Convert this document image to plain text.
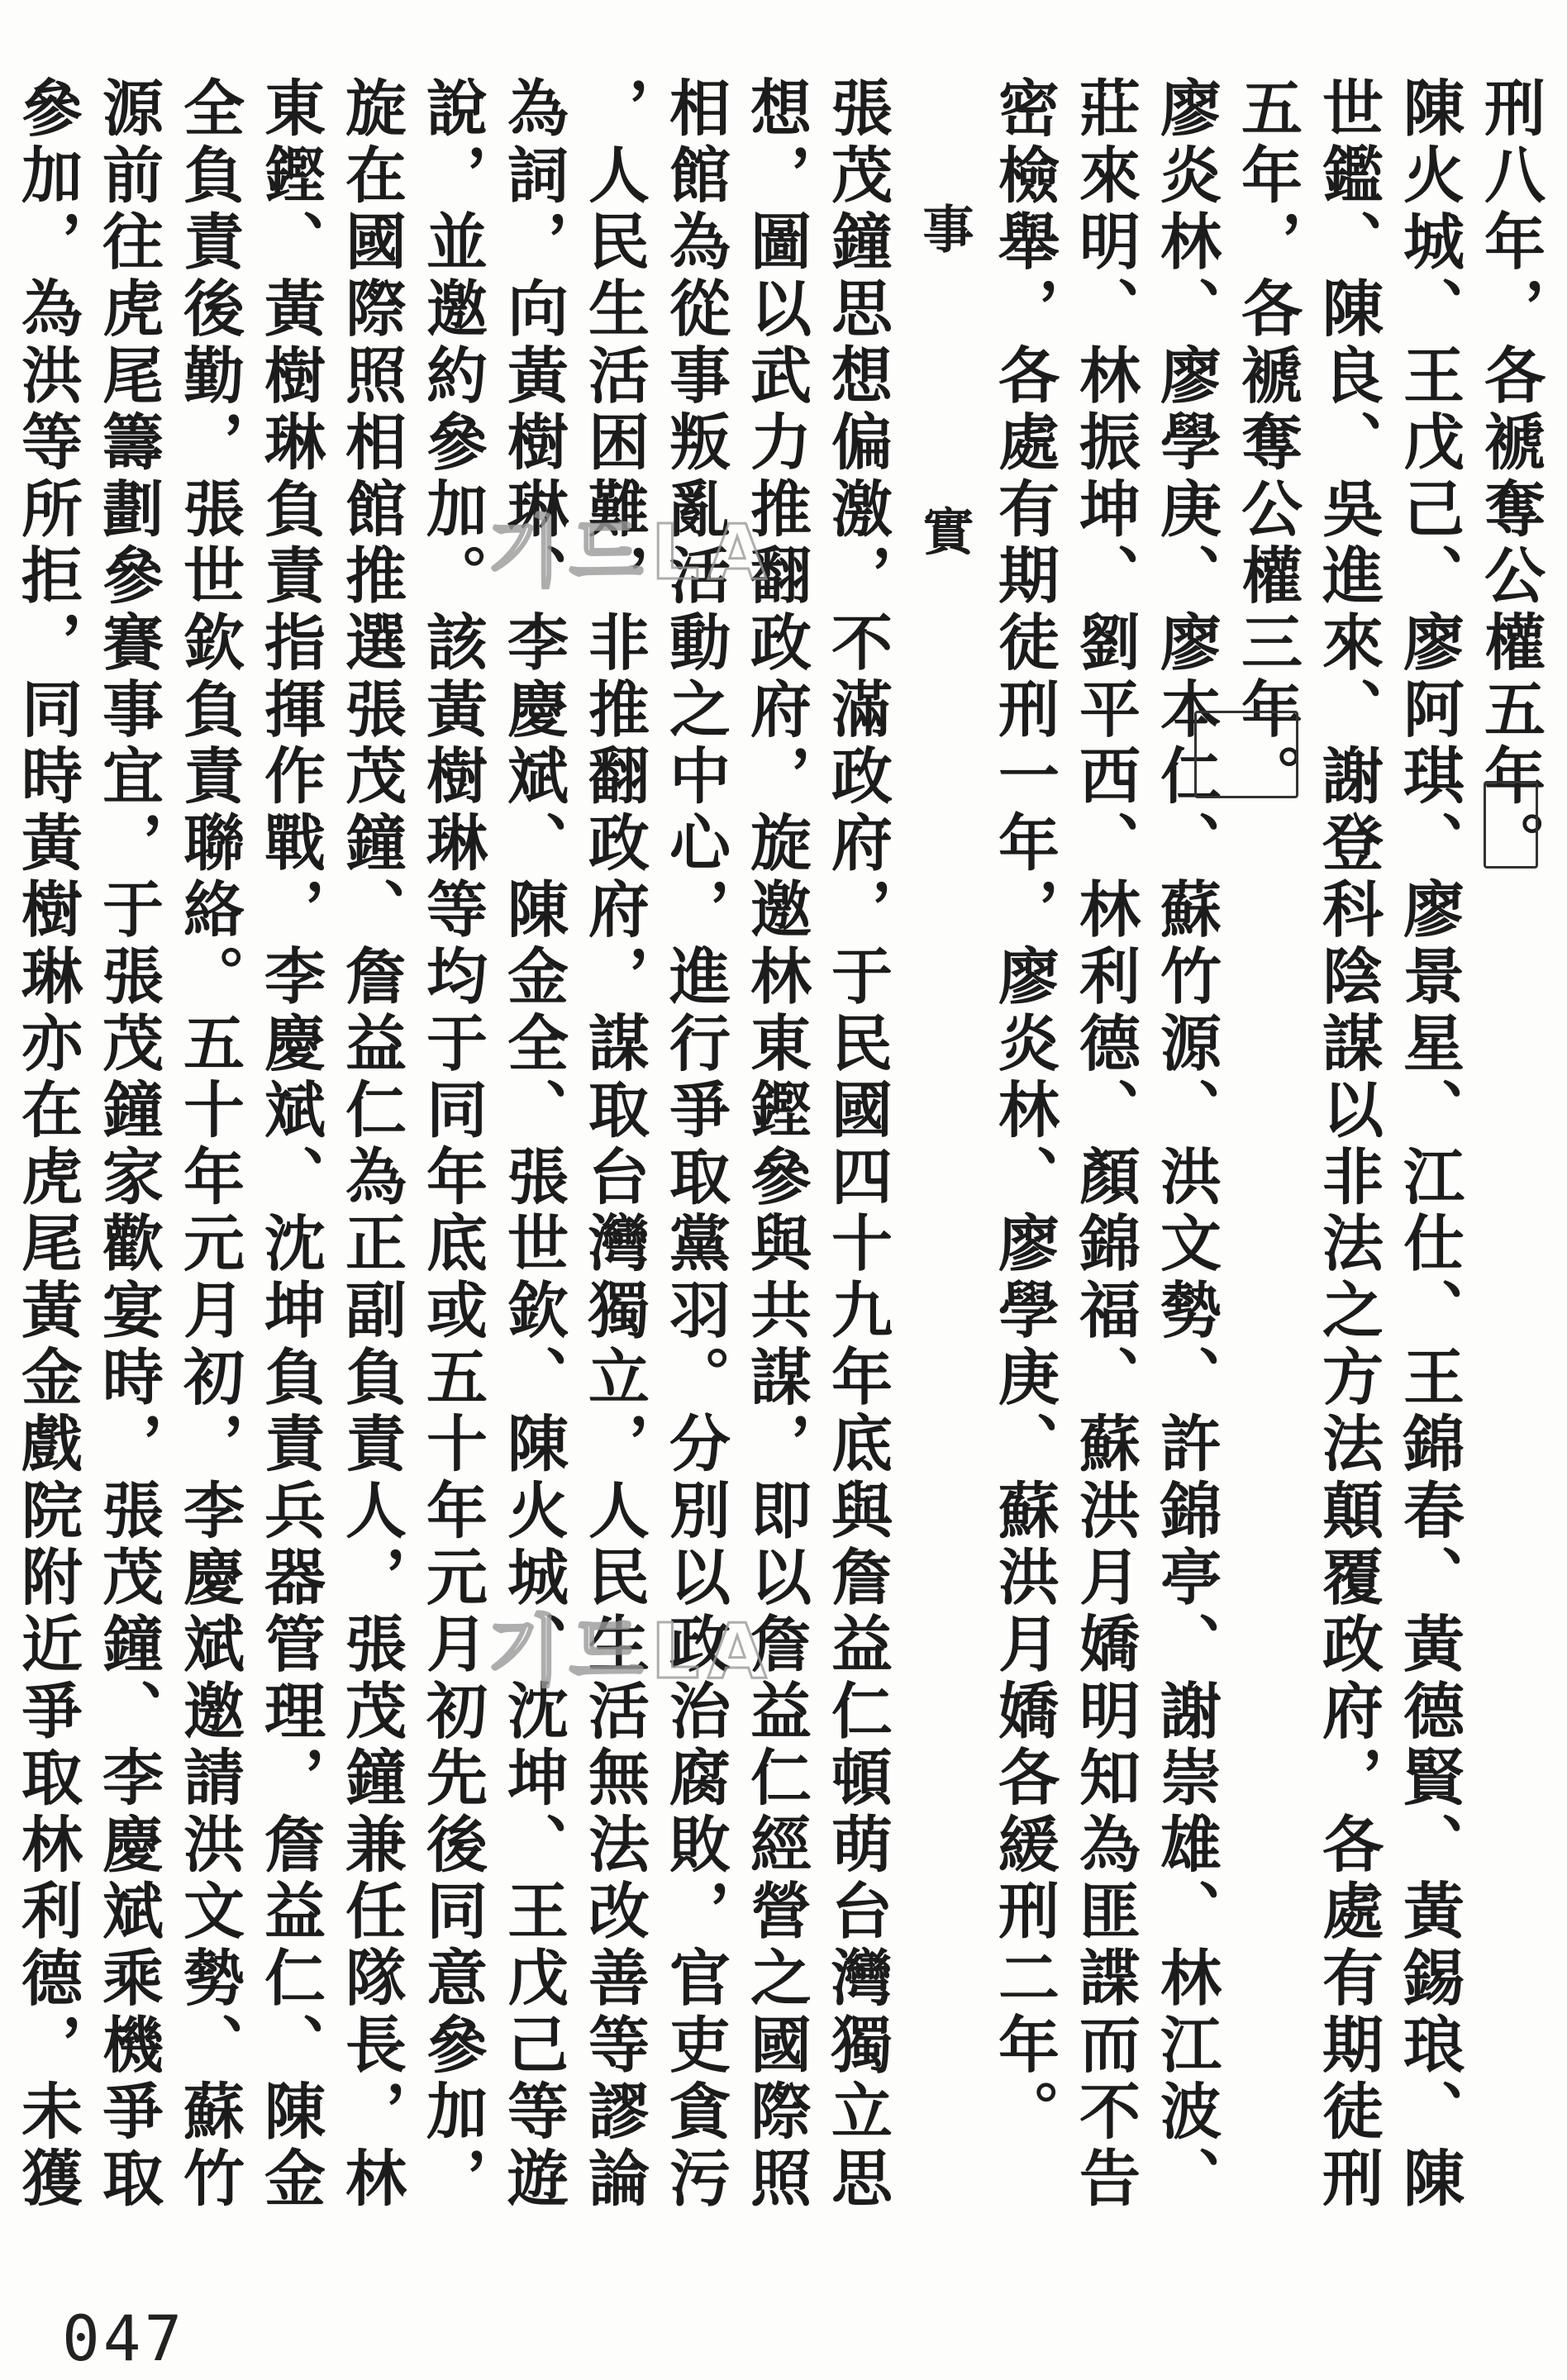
刑八年，各褫奪公權五年。
陳火城、王戊己、廖阿琪、廖景星、江仕、王錦春、黃德賢、黃錫琅、陳
世鑑、陳良、吳進來、謝登科陰謀以非法之方法顛覆政府，各處有期徒刑
五年，各褫奪公權三年。
廖炎林、廖學庚、廖本仁、蘇竹源、洪文勢、許錦亭、謝崇雄、林江波、
莊來明、林振坤、劉平西、林利德、顏錦福、蘇洪月嬌明知為匪諜而不告
密檢舉，各處有期徒刑一年，廖炎林、廖學庚、蘇洪月嬌各緩刑二年。
事　　實
張茂鐘思想偏激，不滿政府，于民國四十九年底與詹益仁頓萌台灣獨立思
想，圖以武力推翻政府，旋邀林東鏗參與共謀，即以詹益仁經營之國際照
相館為從事叛亂活動之中心，進行爭取黨羽。分別以政治腐敗，官吏貪污
，人民生活困難，非推翻政府，謀取台灣獨立，人民生活無法改善等謬論
為詞，向黃樹琳、李慶斌、陳金全、張世欽、陳火城、沈坤、王戊己等遊
說，並邀約參加。該黃樹琳等均于同年底或五十年元月初先後同意參加，
旋在國際照相館推選張茂鐘、詹益仁為正副負責人，張茂鐘兼任隊長，林
東鏗、黃樹琳負責指揮作戰，李慶斌、沈坤負責兵器管理，詹益仁、陳金
全負責後勤，張世欽負責聯絡。五十年元月初，李慶斌邀請洪文勢、蘇竹
源前往虎尾籌劃參賽事宜，于張茂鐘家歡宴時，張茂鐘、李慶斌乘機爭取
參加，為洪等所拒，同時黃樹琳亦在虎尾黃金戲院附近爭取林利德，未獲	기드LA
기드LA
047
